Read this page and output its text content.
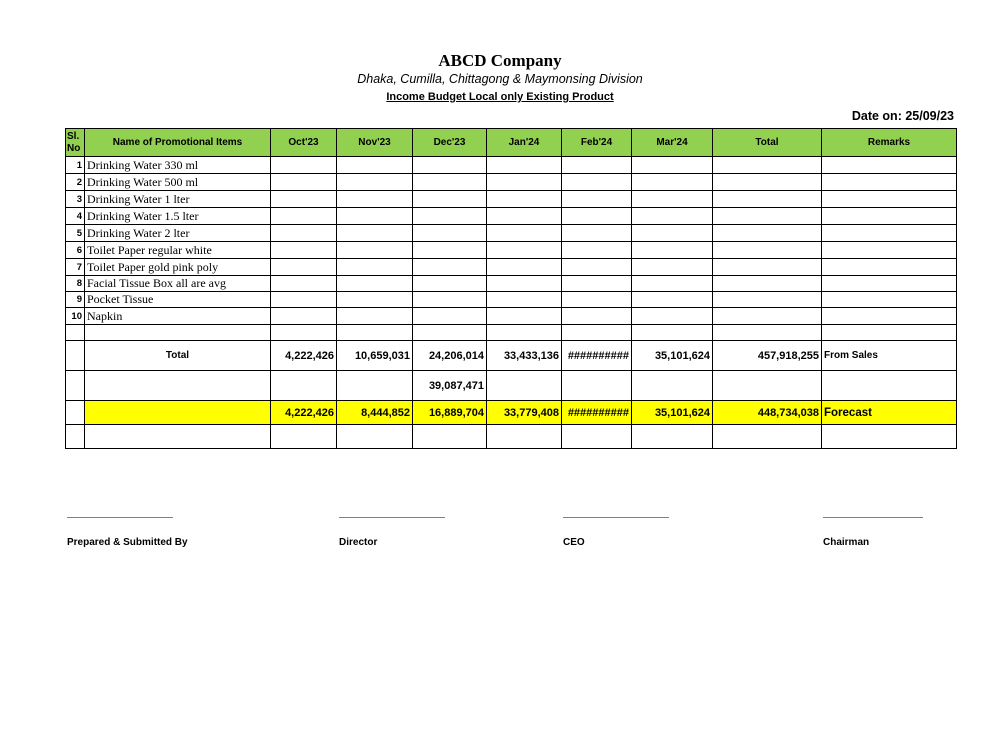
ABCD Company
Dhaka, Cumilla, Chittagong & Maymonsing Division
Income Budget Local only Existing Product
Date on: 25/09/23
Sl. No	Name of Promotional Items	Oct'23	Nov'23	Dec'23	Jan'24	Feb'24	Mar'24	Total	Remarks
1	Drinking Water 330 ml								
2	Drinking Water 500 ml								
3	Drinking Water 1 lter								
4	Drinking Water 1.5 lter								
5	Drinking Water 2 lter								
6	Toilet Paper regular white								
7	Toilet Paper gold pink poly								
8	Facial Tissue Box all are avg								
9	Pocket Tissue								
10	Napkin								

	Total	4,222,426	10,659,031	24,206,014	33,433,136	##########	35,101,624	457,918,255	From Sales
				39,087,471					
		4,222,426	8,444,852	16,889,704	33,779,408	##########	35,101,624	448,734,038	Forecast

Prepared & Submitted By	Director	CEO	Chairman
